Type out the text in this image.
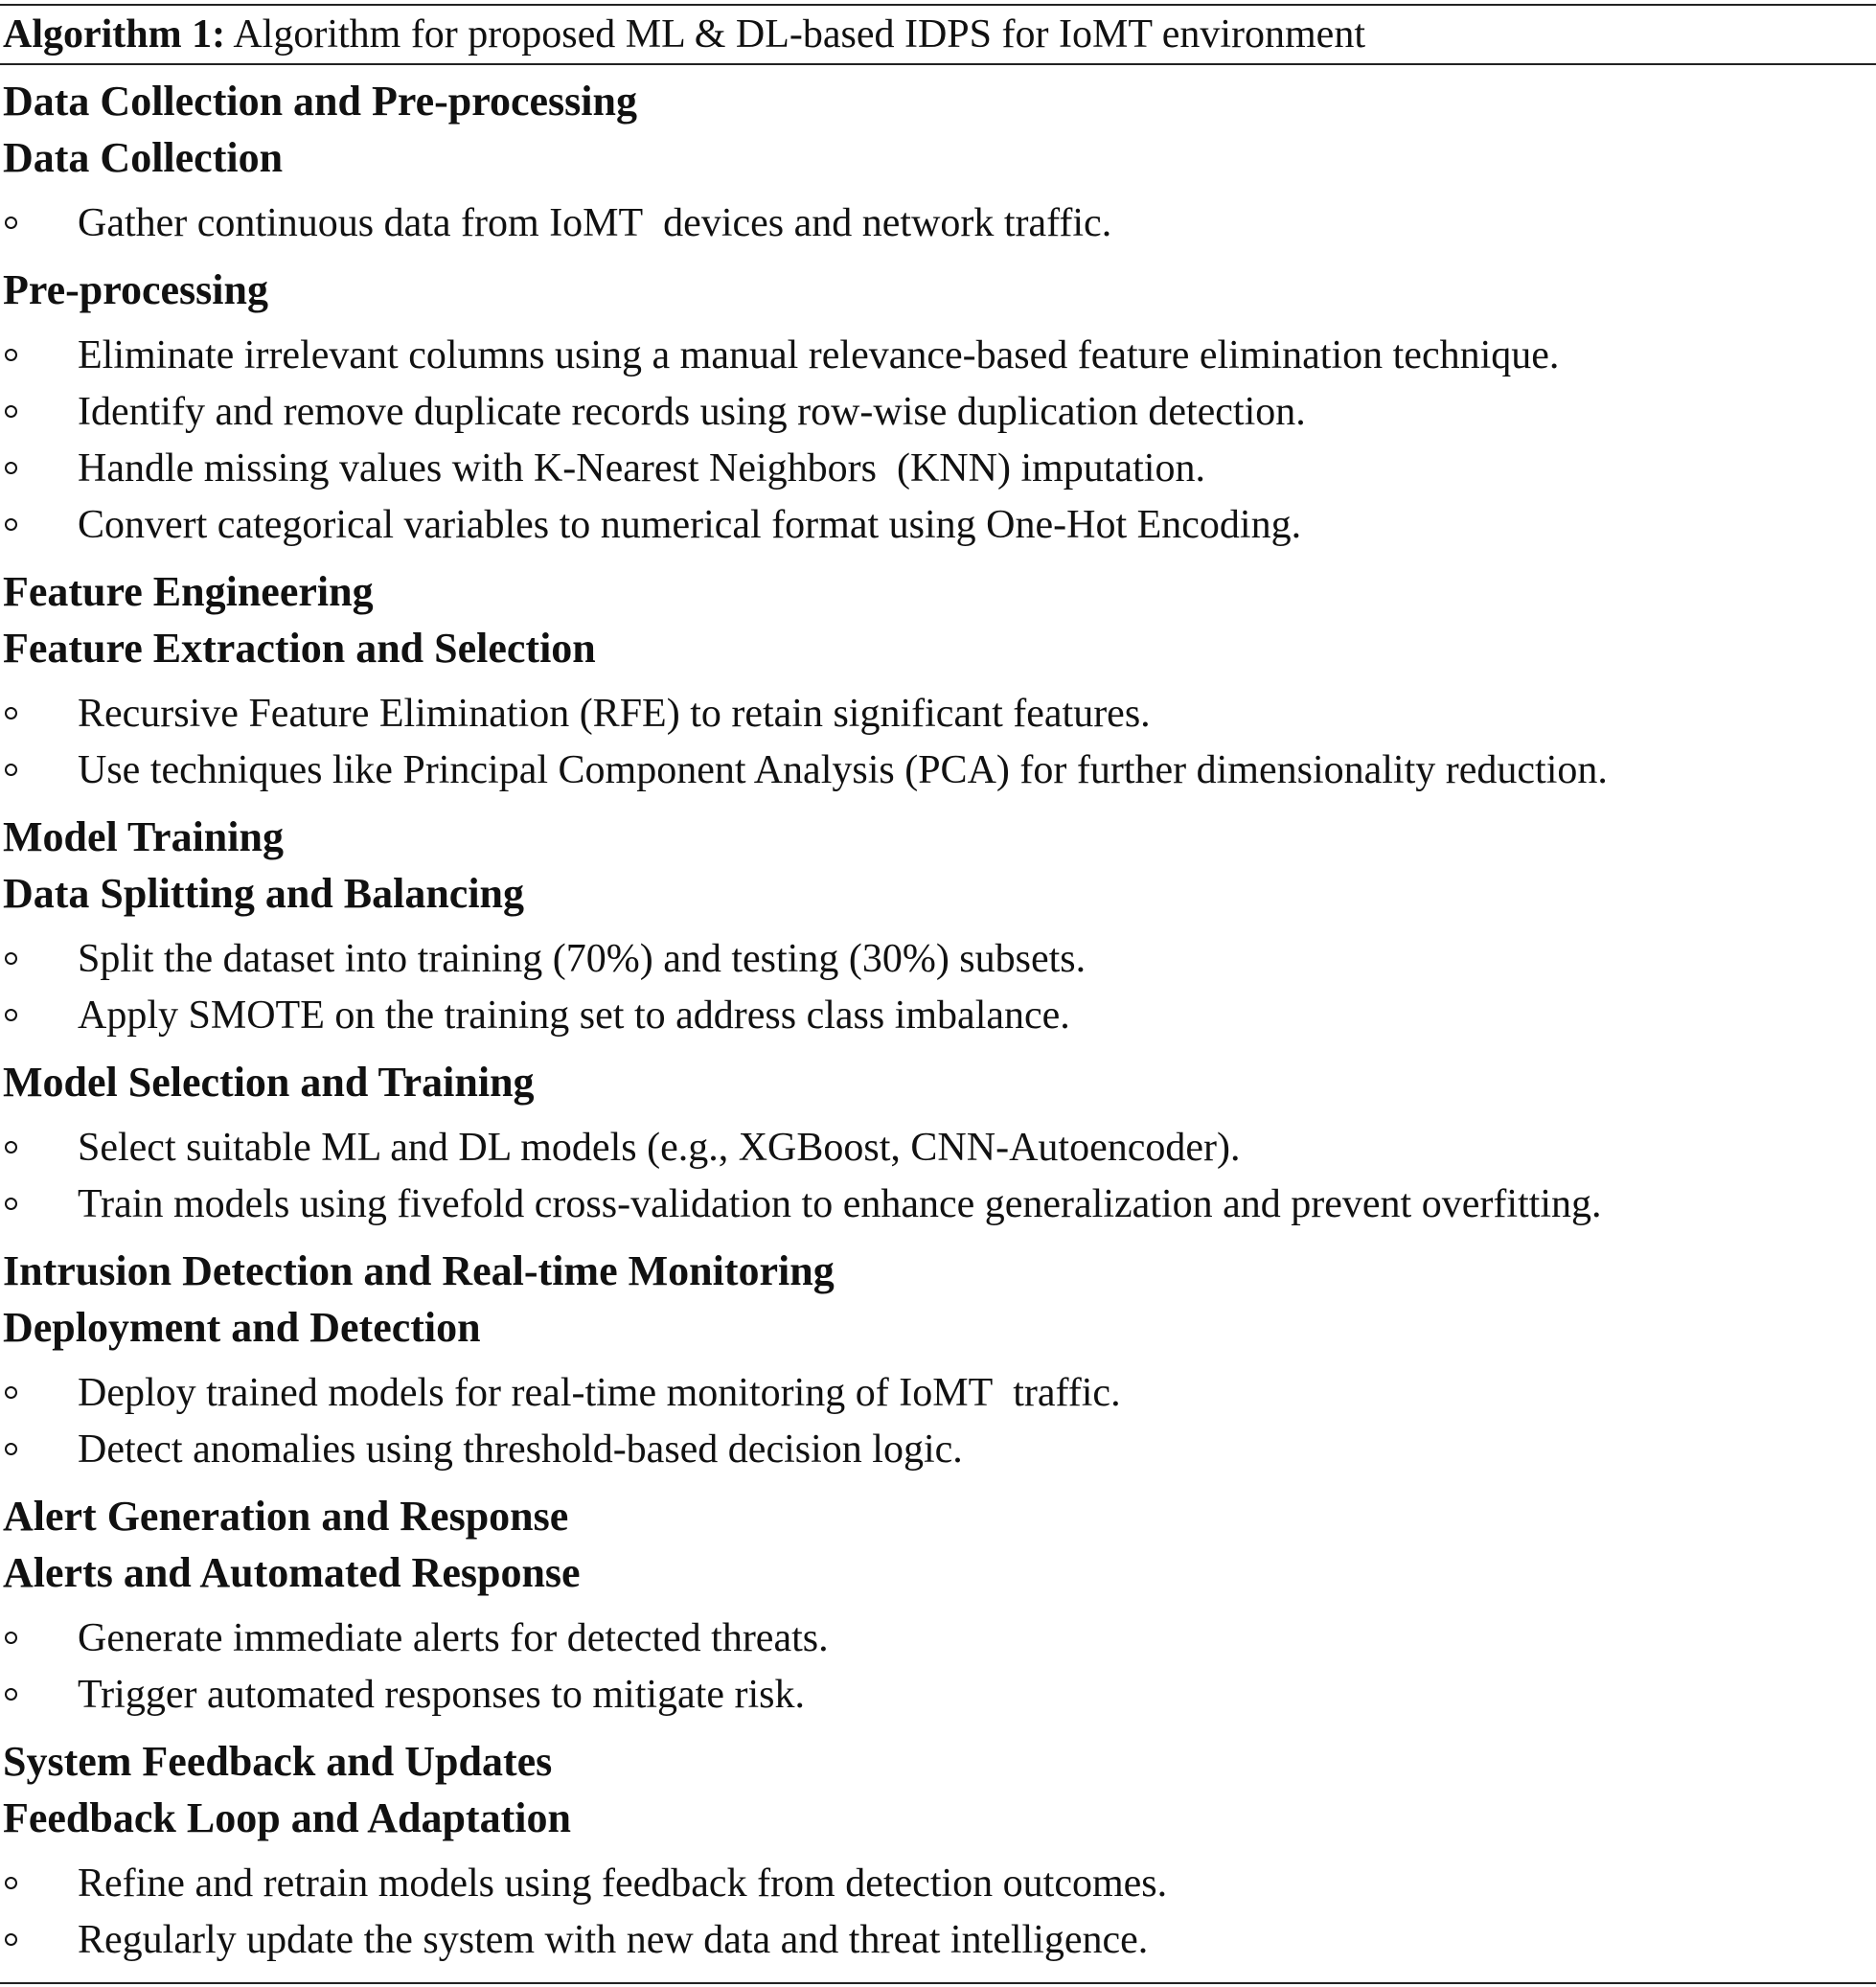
Algorithm 1: Algorithm for proposed ML & DL-based IDPS for IoMT environment
Data Collection and Pre-processing
Data Collection
Gather continuous data from IoMT  devices and network traffic.
Pre-processing
Eliminate irrelevant columns using a manual relevance-based feature elimination technique.
Identify and remove duplicate records using row-wise duplication detection.
Handle missing values with K-Nearest Neighbors  (KNN) imputation.
Convert categorical variables to numerical format using One-Hot Encoding.
Feature Engineering
Feature Extraction and Selection
Recursive Feature Elimination (RFE) to retain significant features.
Use techniques like Principal Component Analysis (PCA) for further dimensionality reduction.
Model Training
Data Splitting and Balancing
Split the dataset into training (70%) and testing (30%) subsets.
Apply SMOTE on the training set to address class imbalance.
Model Selection and Training
Select suitable ML and DL models (e.g., XGBoost, CNN-Autoencoder).
Train models using fivefold cross-validation to enhance generalization and prevent overfitting.
Intrusion Detection and Real-time Monitoring
Deployment and Detection
Deploy trained models for real-time monitoring of IoMT  traffic.
Detect anomalies using threshold-based decision logic.
Alert Generation and Response
Alerts and Automated Response
Generate immediate alerts for detected threats.
Trigger automated responses to mitigate risk.
System Feedback and Updates
Feedback Loop and Adaptation
Refine and retrain models using feedback from detection outcomes.
Regularly update the system with new data and threat intelligence.
